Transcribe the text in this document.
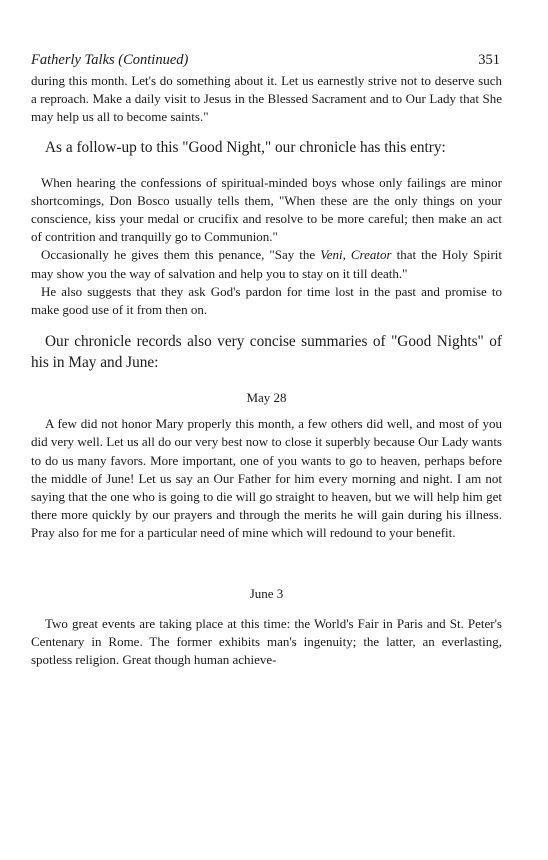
Fatherly Talks (Continued)	351

during this month. Let's do something about it. Let us earnestly strive not to deserve such a reproach. Make a daily visit to Jesus in the Blessed Sacrament and to Our Lady that She may help us all to become saints."

As a follow-up to this "Good Night," our chronicle has this entry:

When hearing the confessions of spiritual-minded boys whose only failings are minor shortcomings, Don Bosco usually tells them, "When these are the only things on your conscience, kiss your medal or crucifix and resolve to be more careful; then make an act of contrition and tranquilly go to Communion."

Occasionally he gives them this penance, "Say the Veni, Creator that the Holy Spirit may show you the way of salvation and help you to stay on it till death."

He also suggests that they ask God's pardon for time lost in the past and promise to make good use of it from then on.

Our chronicle records also very concise summaries of "Good Nights" of his in May and June:

May 28

A few did not honor Mary properly this month, a few others did well, and most of you did very well. Let us all do our very best now to close it superbly because Our Lady wants to do us many favors. More important, one of you wants to go to heaven, perhaps before the middle of June! Let us say an Our Father for him every morning and night. I am not saying that the one who is going to die will go straight to heaven, but we will help him get there more quickly by our prayers and through the merits he will gain during his illness. Pray also for me for a particular need of mine which will redound to your benefit.

June 3

Two great events are taking place at this time: the World's Fair in Paris and St. Peter's Centenary in Rome. The former exhibits man's ingenuity; the latter, an everlasting, spotless religion. Great though human achieve-
